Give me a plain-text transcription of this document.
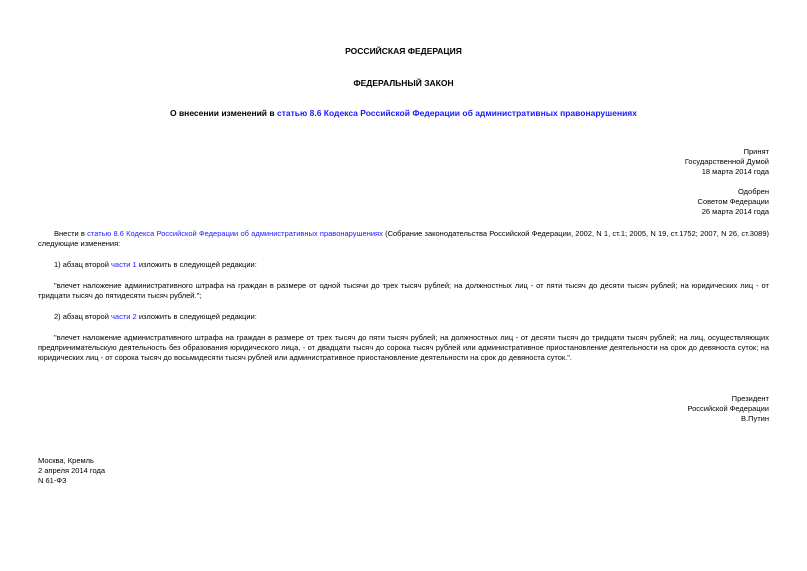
РОССИЙСКАЯ ФЕДЕРАЦИЯ
ФЕДЕРАЛЬНЫЙ ЗАКОН
О внесении изменений в статью 8.6 Кодекса Российской Федерации об административных правонарушениях
Принят
Государственной Думой
18 марта 2014 года
Одобрен
Советом Федерации
26 марта 2014 года
Внести в статью 8.6 Кодекса Российской Федерации об административных правонарушениях (Собрание законодательства Российской Федерации, 2002, N 1, ст.1; 2005, N 19, ст.1752; 2007, N 26, ст.3089) следующие изменения:
1) абзац второй части 1 изложить в следующей редакции:
"влечет наложение административного штрафа на граждан в размере от одной тысячи до трех тысяч рублей; на должностных лиц - от пяти тысяч до десяти тысяч рублей; на юридических лиц - от тридцати тысяч до пятидесяти тысяч рублей.";
2) абзац второй части 2 изложить в следующей редакции:
"влечет наложение административного штрафа на граждан в размере от трех тысяч до пяти тысяч рублей; на должностных лиц - от десяти тысяч до тридцати тысяч рублей; на лиц, осуществляющих предпринимательскую деятельность без образования юридического лица, - от двадцати тысяч до сорока тысяч рублей или административное приостановление деятельности на срок до девяноста суток; на юридических лиц - от сорока тысяч до восьмидесяти тысяч рублей или административное приостановление деятельности на срок до девяноста суток.".
Президент
Российской Федерации
В.Путин
Москва, Кремль
2 апреля 2014 года
N 61-ФЗ
